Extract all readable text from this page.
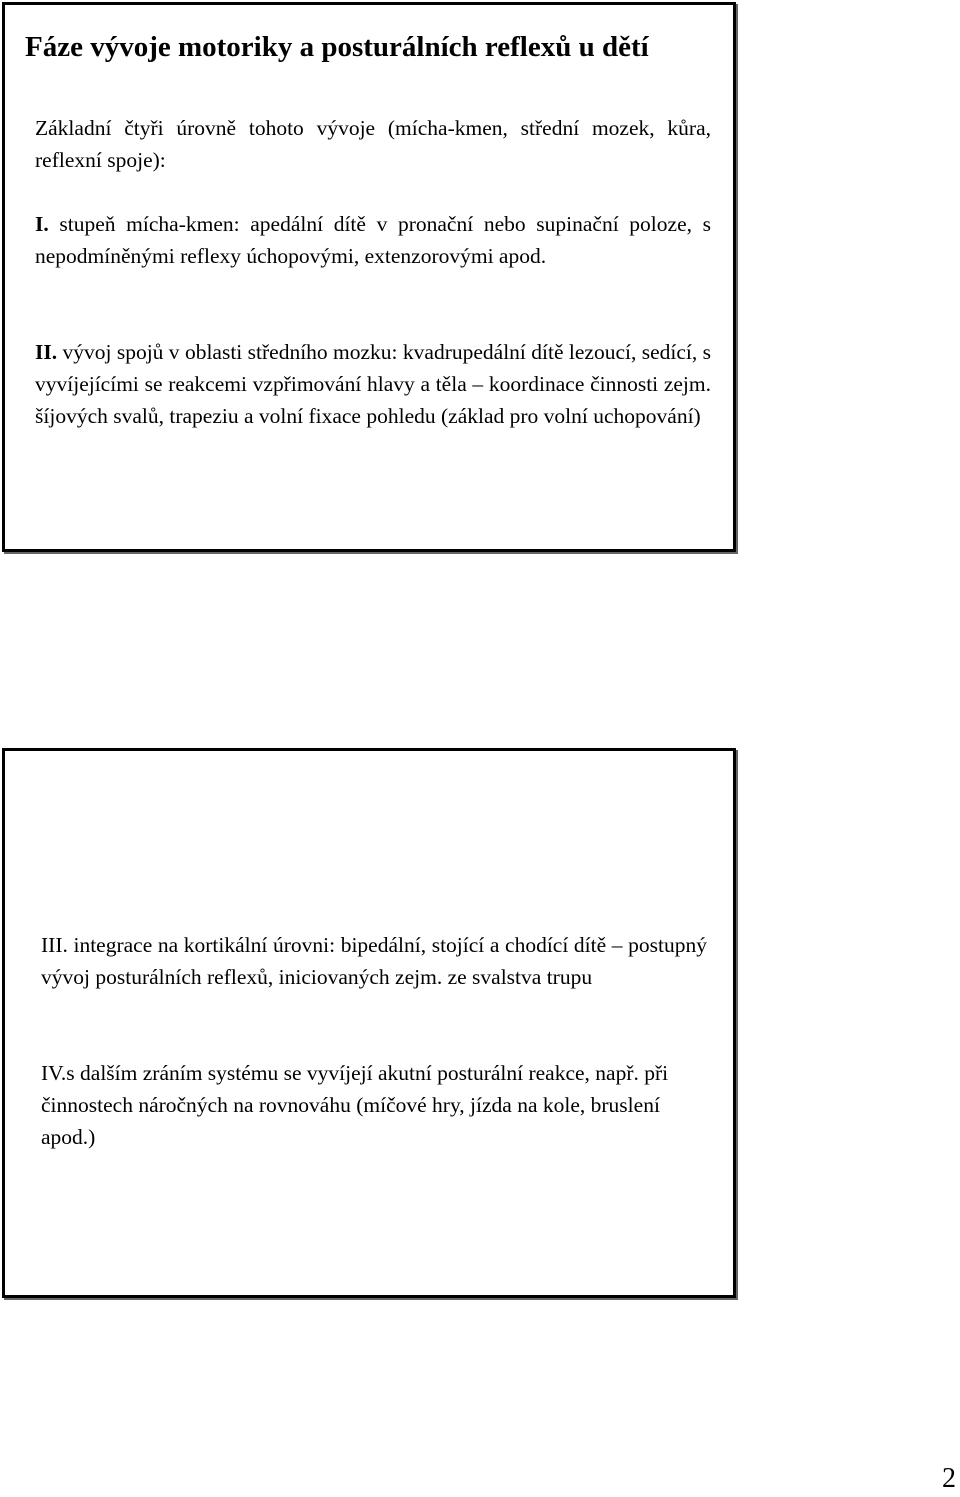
Fáze vývoje motoriky a posturálních reflexů u dětí

Základní čtyři úrovně tohoto vývoje (mícha-kmen, střední mozek, kůra, reflexní spoje):

I. stupeň mícha-kmen: apedální dítě v pronační nebo supinační poloze, s nepodmíněnými reflexy úchopovými, extenzorovými apod.

II. vývoj spojů v oblasti středního mozku: kvadrupedální dítě lezoucí, sedící, s vyvíjejícími se reakcemi vzpřimování hlavy a těla – koordinace činnosti zejm. šíjových svalů, trapeziu a volní fixace pohledu (základ pro volní uchopování)

III. integrace na kortikální úrovni: bipedální, stojící a chodící dítě – postupný vývoj posturálních reflexů, iniciovaných zejm. ze svalstva trupu

IV.s dalším zráním systému se vyvíjejí akutní posturální reakce, např. při činnostech náročných na rovnováhu (míčové hry, jízda na kole, bruslení apod.)

2
